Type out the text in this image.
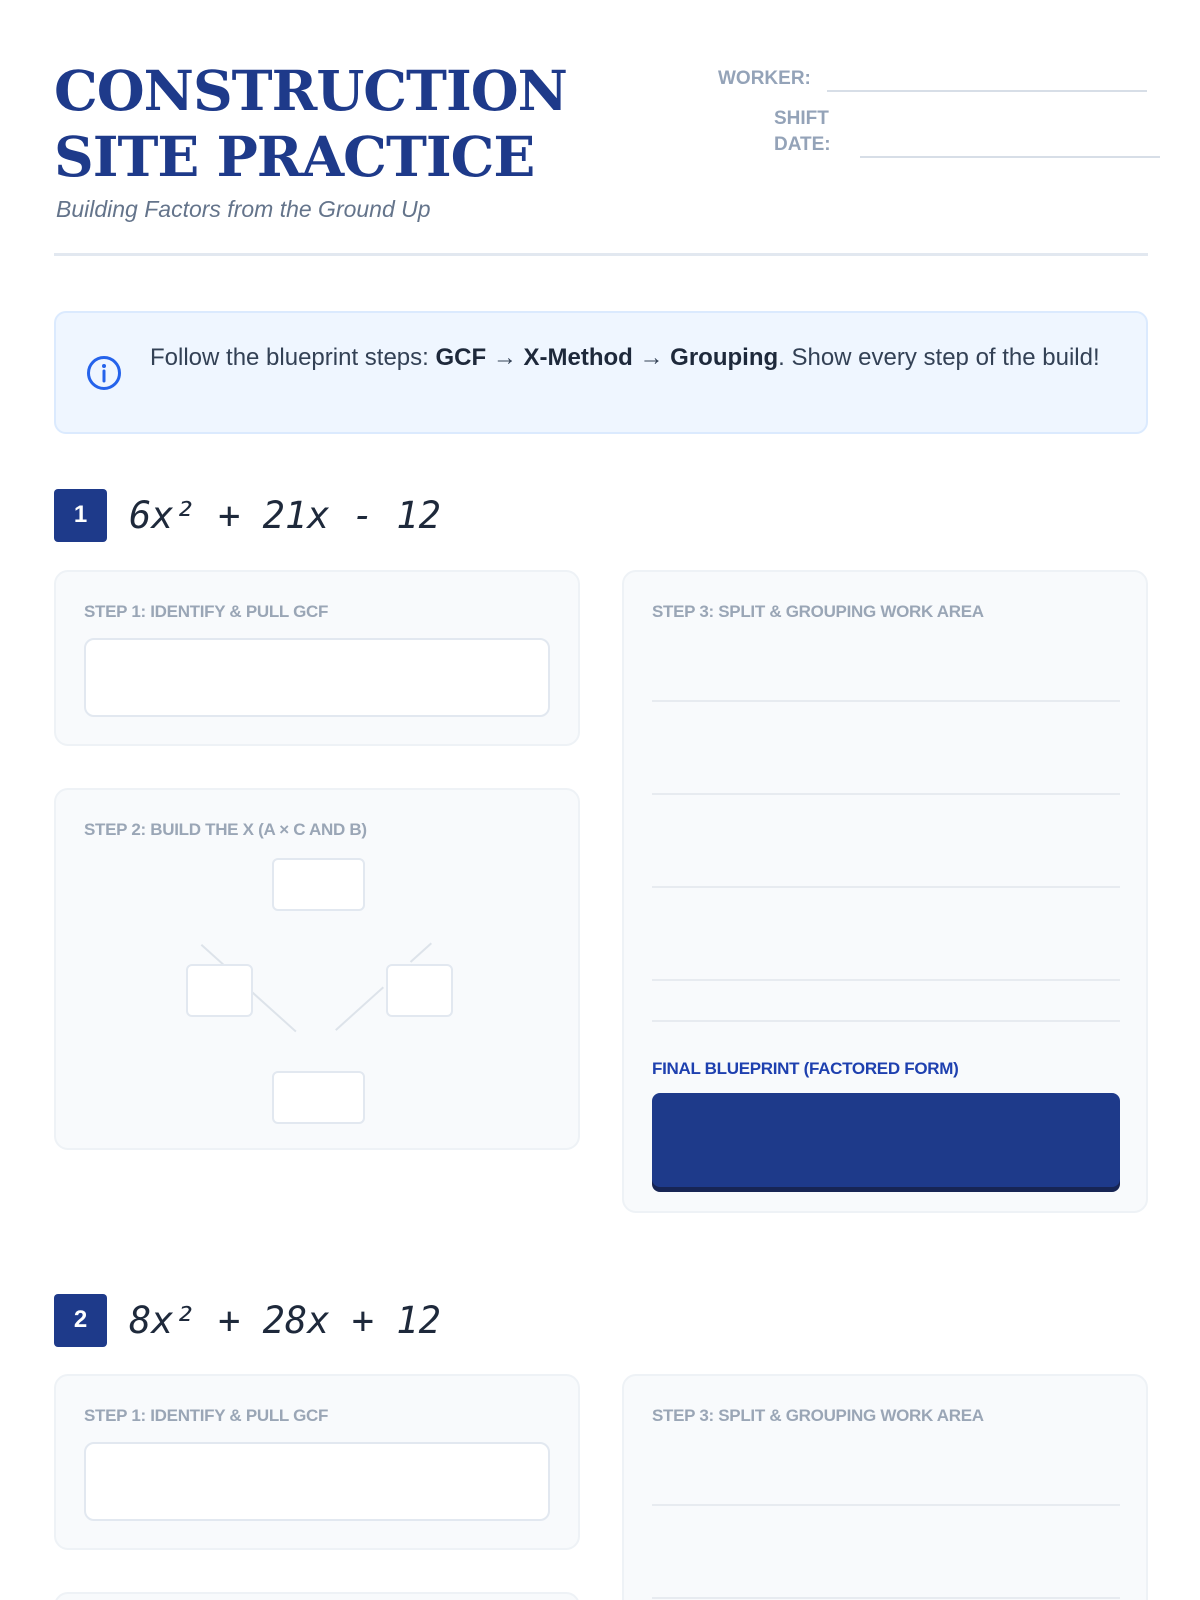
CONSTRUCTION SITE PRACTICE
Building Factors from the Ground Up
WORKER:
SHIFT DATE:
Follow the blueprint steps: GCF → X-Method → Grouping. Show every step of the build!
1	6x² + 21x - 12
STEP 1: IDENTIFY & PULL GCF
STEP 2: BUILD THE X (A × C AND B)
STEP 3: SPLIT & GROUPING WORK AREA
FINAL BLUEPRINT (FACTORED FORM)
2	8x² + 28x + 12
STEP 1: IDENTIFY & PULL GCF	STEP 3: SPLIT & GROUPING WORK AREA
